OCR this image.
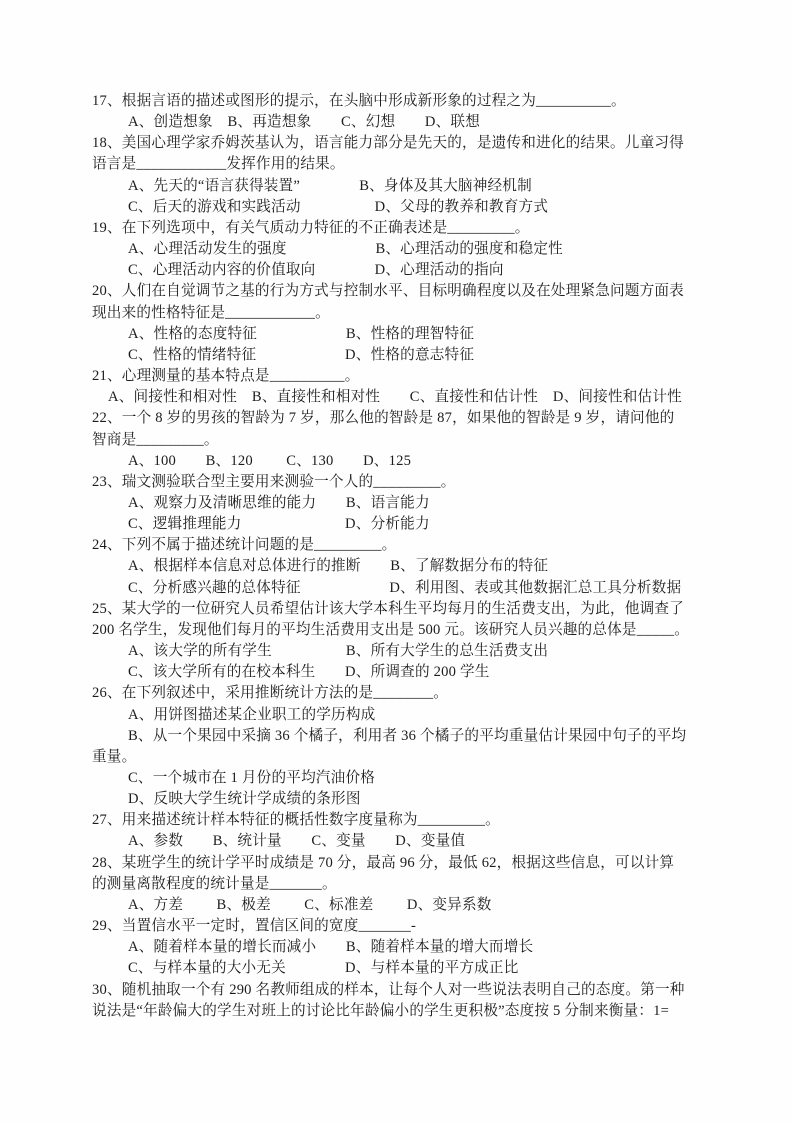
17、根据言语的描述或图形的提示，在头脑中形成新形象的过程之为__________。
A、创造想象　B、再造想象　　C、幻想　　D、联想
18、美国心理学家乔姆茨基认为，语言能力部分是先天的，是遗传和进化的结果。儿童习得
语言是____________发挥作用的结果。
A、先天的“语言获得装置”　　　　B、身体及其大脑神经机制
C、后天的游戏和实践活动　　　　　D、父母的教养和教育方式
19、在下列选项中，有关气质动力特征的不正确表述是_________。
A、心理活动发生的强度　　　　　　B、心理活动的强度和稳定性
C、心理活动内容的价值取向　　　　D、心理活动的指向
20、人们在自觉调节之基的行为方式与控制水平、目标明确程度以及在处理紧急问题方面表
现出来的性格特征是____________。
A、性格的态度特征　　　　　　B、性格的理智特征
C、性格的情绪特征　　　　　　D、性格的意志特征
21、心理测量的基本特点是__________。
A、间接性和相对性　B、直接性和相对性　　C、直接性和估计性　D、间接性和估计性
22、一个 8 岁的男孩的智龄为 7 岁，那么他的智龄是 87，如果他的智龄是 9 岁，请问他的
智商是_________。
A、100　　B、120　　 C、130　　D、125
23、瑞文测验联合型主要用来测验一个人的_________。
A、观察力及清晰思维的能力　　B、语言能力
C、逻辑推理能力　　　　　　　D、分析能力
24、下列不属于描述统计问题的是_________。
A、根据样本信息对总体进行的推断　　B、了解数据分布的特征
C、分析感兴趣的总体特征　　　　　　D、利用图、表或其他数据汇总工具分析数据
25、某大学的一位研究人员希望估计该大学本科生平均每月的生活费支出，为此，他调查了
200 名学生，发现他们每月的平均生活费用支出是 500 元。该研究人员兴趣的总体是_____。
A、该大学的所有学生　　　　　B、所有大学生的总生活费支出
C、该大学所有的在校本科生　　D、所调查的 200 学生
26、在下列叙述中，采用推断统计方法的是________。
A、用饼图描述某企业职工的学历构成
B、从一个果园中采摘 36 个橘子，利用者 36 个橘子的平均重量估计果园中句子的平均
重量。
C、一个城市在 1 月份的平均汽油价格
D、反映大学生统计学成绩的条形图
27、用来描述统计样本特征的概括性数字度量称为_________。
A、参数　　B、统计量　　C、变量　　D、变量值
28、某班学生的统计学平时成绩是 70 分，最高 96 分，最低 62，根据这些信息，可以计算
的测量离散程度的统计量是_______。
A、方差　　 B、极差　　 C、标准差　　 D、变异系数
29、当置信水平一定时，置信区间的宽度_______-
A、随着样本量的增长而减小　　B、随着样本量的增大而增长
C、与样本量的大小无关　　　　D、与样本量的平方成正比
30、随机抽取一个有 290 名教师组成的样本，让每个人对一些说法表明自己的态度。第一种
说法是“年龄偏大的学生对班上的讨论比年龄偏小的学生更积极”态度按 5 分制来衡量：1=
